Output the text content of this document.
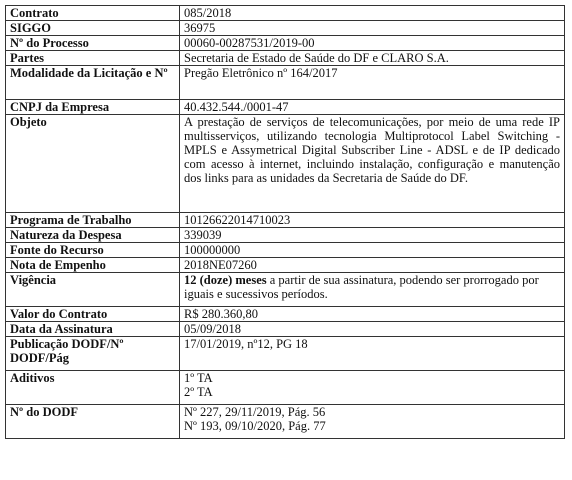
Contrato	085/2018
SIGGO	36975
Nº do Processo	00060-00287531/2019-00
Partes	Secretaria de Estado de Saúde do DF e CLARO S.A.
Modalidade da Licitação e Nº	Pregão Eletrônico nº 164/2017
CNPJ da Empresa	40.432.544./0001-47
Objeto	A prestação de serviços de telecomunicações, por meio de uma rede IP multisserviços, utilizando tecnologia Multiprotocol Label Switching - MPLS e Assymetrical Digital Subscriber Line - ADSL e de IP dedicado com acesso à internet, incluindo instalação, configuração e manutenção dos links para as unidades da Secretaria de Saúde do DF.
Programa de Trabalho	10126622014710023
Natureza da Despesa	339039
Fonte do Recurso	100000000
Nota de Empenho	2018NE07260
Vigência	12 (doze) meses a partir de sua assinatura, podendo ser prorrogado por iguais e sucessivos períodos.
Valor do Contrato	R$ 280.360,80
Data da Assinatura	05/09/2018
Publicação DODF/Nº DODF/Pág	17/01/2019, nº12, PG 18
Aditivos	1º TA
2º TA

Nº do DODF	Nº 227, 29/11/2019, Pág. 56
Nº 193, 09/10/2020, Pág. 77
